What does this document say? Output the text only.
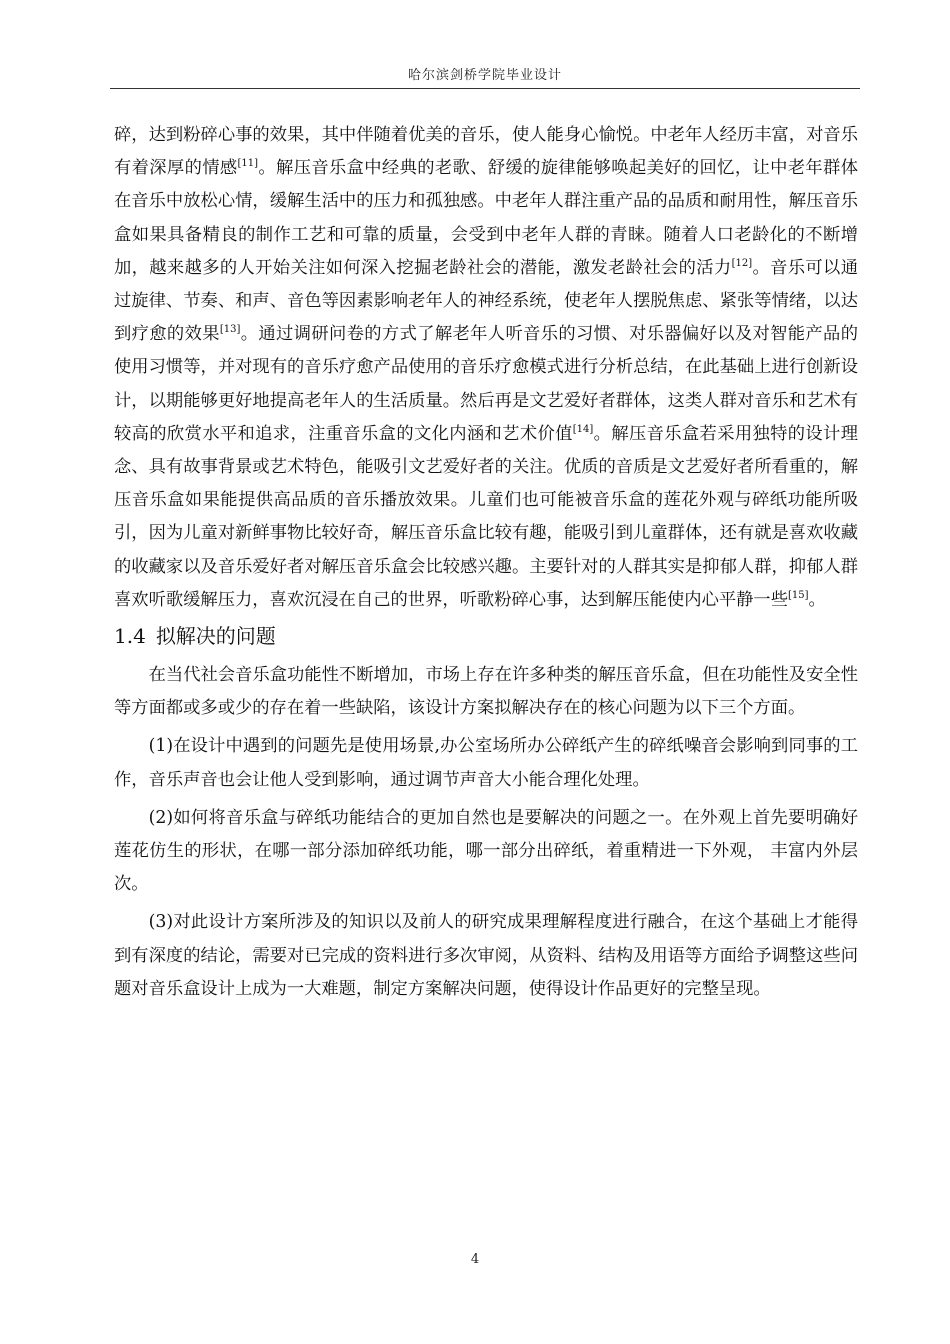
哈尔滨剑桥学院毕业设计

碎，达到粉碎心事的效果，其中伴随着优美的音乐，使人能身心愉悦。中老年人经历丰富，对音乐有着深厚的情感[11]。解压音乐盒中经典的老歌、舒缓的旋律能够唤起美好的回忆，让中老年群体在音乐中放松心情，缓解生活中的压力和孤独感。中老年人群注重产品的品质和耐用性，解压音乐盒如果具备精良的制作工艺和可靠的质量，会受到中老年人群的青睐。随着人口老龄化的不断增加，越来越多的人开始关注如何深入挖掘老龄社会的潜能，激发老龄社会的活力[12]。音乐可以通过旋律、节奏、和声、音色等因素影响老年人的神经系统，使老年人摆脱焦虑、紧张等情绪，以达到疗愈的效果[13]。通过调研问卷的方式了解老年人听音乐的习惯、对乐器偏好以及对智能产品的使用习惯等，并对现有的音乐疗愈产品使用的音乐疗愈模式进行分析总结，在此基础上进行创新设计，以期能够更好地提高老年人的生活质量。然后再是文艺爱好者群体，这类人群对音乐和艺术有较高的欣赏水平和追求，注重音乐盒的文化内涵和艺术价值[14]。解压音乐盒若采用独特的设计理念、具有故事背景或艺术特色，能吸引文艺爱好者的关注。优质的音质是文艺爱好者所看重的，解压音乐盒如果能提供高品质的音乐播放效果。儿童们也可能被音乐盒的莲花外观与碎纸功能所吸引，因为儿童对新鲜事物比较好奇，解压音乐盒比较有趣，能吸引到儿童群体，还有就是喜欢收藏的收藏家以及音乐爱好者对解压音乐盒会比较感兴趣。主要针对的人群其实是抑郁人群，抑郁人群喜欢听歌缓解压力，喜欢沉浸在自己的世界，听歌粉碎心事，达到解压能使内心平静一些[15]。

1.4 拟解决的问题

在当代社会音乐盒功能性不断增加，市场上存在许多种类的解压音乐盒，但在功能性及安全性等方面都或多或少的存在着一些缺陷，该设计方案拟解决存在的核心问题为以下三个方面。

(1)在设计中遇到的问题先是使用场景,办公室场所办公碎纸产生的碎纸噪音会影响到同事的工作，音乐声音也会让他人受到影响，通过调节声音大小能合理化处理。

(2)如何将音乐盒与碎纸功能结合的更加自然也是要解决的问题之一。在外观上首先要明确好莲花仿生的形状，在哪一部分添加碎纸功能，哪一部分出碎纸，着重精进一下外观， 丰富内外层次。

(3)对此设计方案所涉及的知识以及前人的研究成果理解程度进行融合，在这个基础上才能得到有深度的结论，需要对已完成的资料进行多次审阅，从资料、结构及用语等方面给予调整这些问题对音乐盒设计上成为一大难题，制定方案解决问题，使得设计作品更好的完整呈现。

4
